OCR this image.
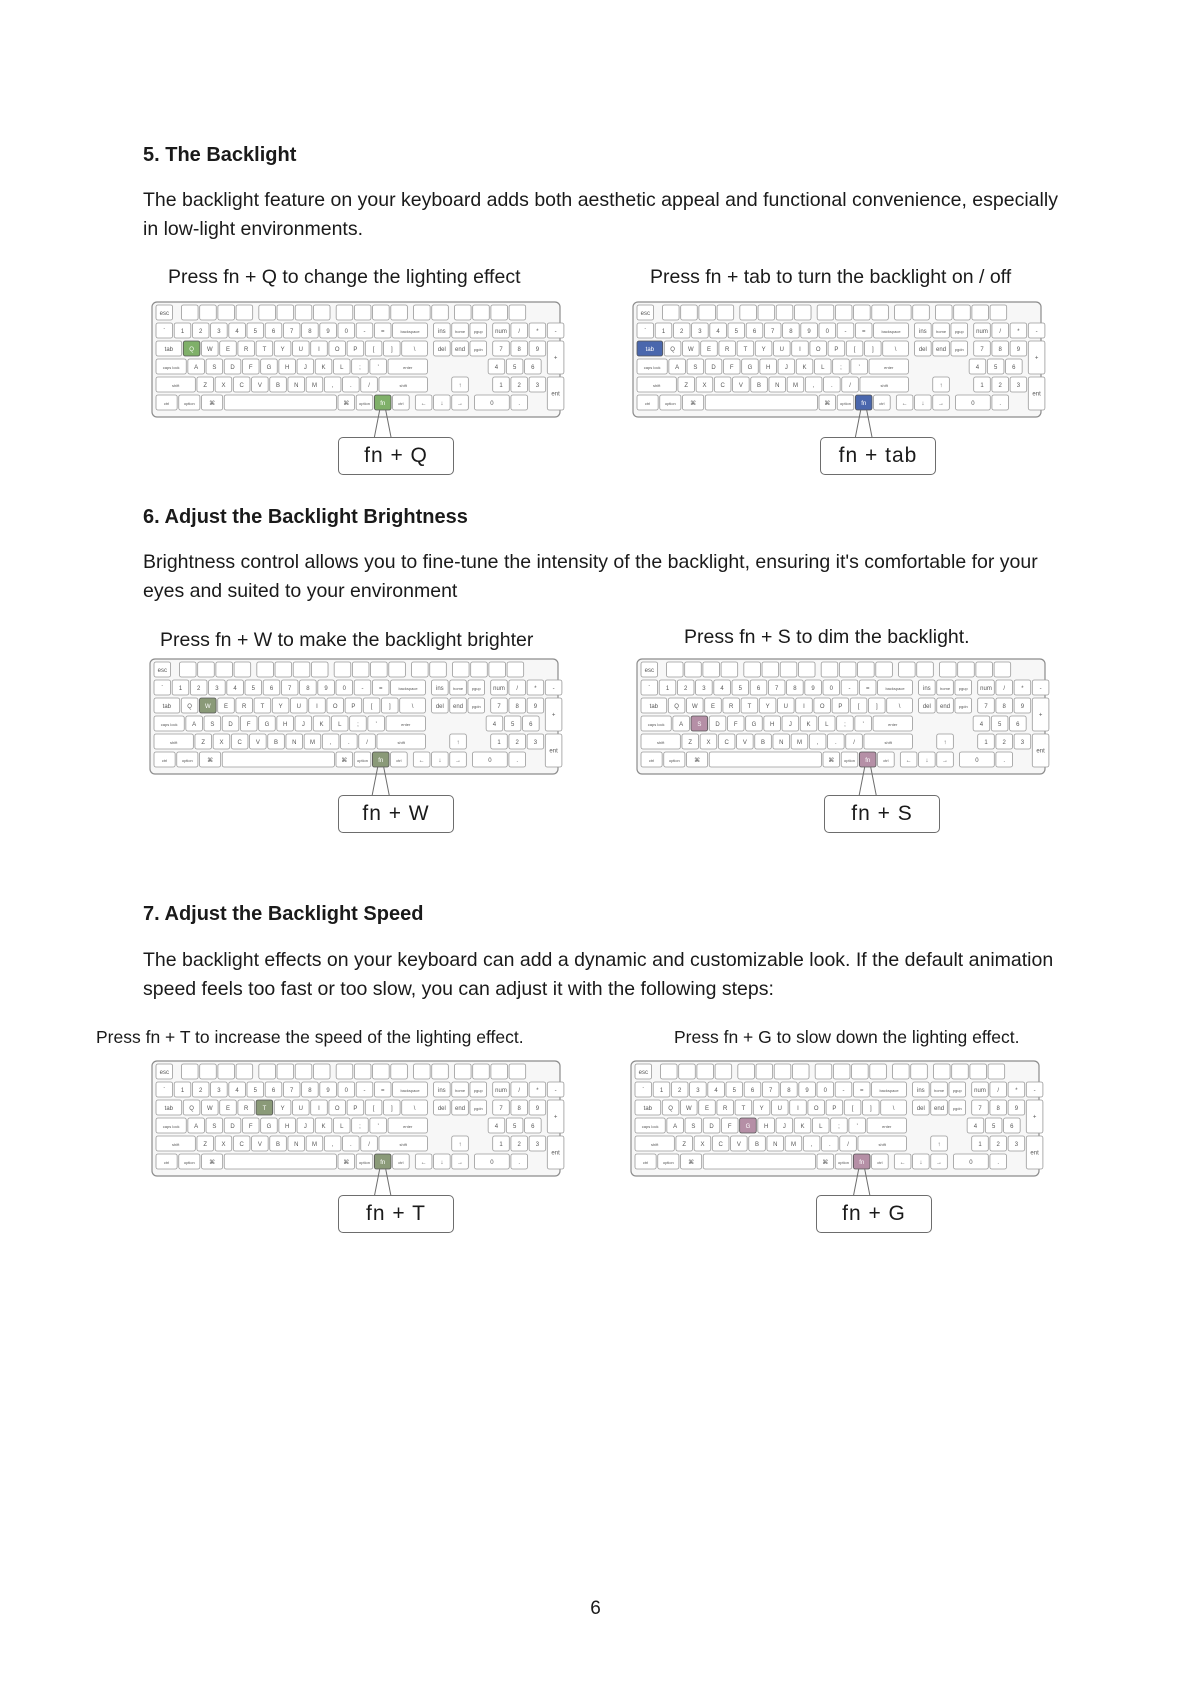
5. The Backlight

The backlight feature on your keyboard adds both aesthetic appeal and functional convenience, especially in low-light environments.

Press fn + Q to change the lighting effect	Press fn + tab to turn the backlight on / off
esc
`	1 2 3 4 5 6 7 8 9 0	-	=	backspace	ins home pgup num /	*	-
tab	Q W E R T Y U	I	O P	[	]	\	del end pgdn	7 8 9
+
caps lock A S D F G H J K L	;	'	enter	4 5 6
shift	Z X C V B N M ,	.	/	shift	↑	1 2 3
ent
ctrl	option ⌘	⌘ option fn	ctrl	← ↓ →	0	.
esc
`	1 2 3 4 5 6 7 8 9 0	-	=	backspace	ins home pgup num /	*	-
tab	Q W E R T Y U	I	O P	[	]	\	del end pgdn	7 8 9
+
caps lock A S D F G H J K L	;	'	enter	4 5 6
shift	Z X C V B N M ,	.	/	shift	↑	1 2 3
ent
ctrl	option ⌘	⌘ option fn	ctrl	← ↓ →	0	.
fn + Q	fn + tab
6. Adjust the Backlight Brightness

Brightness control allows you to fine-tune the intensity of the backlight, ensuring it's comfortable for your eyes and suited to your environment

Press fn + W to make the backlight brighter	Press fn + S to dim the backlight.
esc
`	1 2 3 4 5 6 7 8 9 0	-	=	backspace	ins home pgup num /	*	-
tab	Q W E R T Y U	I	O P	[	]	\	del end pgdn	7 8 9
+
caps lock A S D F G H J K L	;	'	enter	4 5 6
shift	Z X C V B N M ,	.	/	shift	↑	1 2 3
ent
ctrl	option ⌘	⌘ option fn	ctrl	← ↓ →	0	.
esc
`	1 2 3 4 5 6 7 8 9 0	-	=	backspace	ins home pgup num /	*	-
tab	Q W E R T Y U	I	O P	[	]	\	del end pgdn	7 8 9
+
caps lock A S D F G H J K L	;	'	enter	4 5 6
shift	Z X C V B N M ,	.	/	shift	↑	1 2 3
ent
ctrl	option ⌘	⌘ option fn	ctrl	← ↓ →	0	.
fn + W	fn + S
7. Adjust the Backlight Speed

The backlight effects on your keyboard can add a dynamic and customizable look. If the default animation speed feels too fast or too slow, you can adjust it with the following steps:

Press fn + T to increase the speed of the lighting effect.	Press fn + G to slow down the lighting effect.
esc
`	1 2 3 4 5 6 7 8 9 0	-	=	backspace	ins home pgup num /	*	-
tab	Q W E R T Y U	I	O P	[	]	\	del end pgdn	7 8 9
+
caps lock A S D F G H J K L	;	'	enter	4 5 6
shift	Z X C V B N M ,	.	/	shift	↑	1 2 3
ent
ctrl	option ⌘	⌘ option fn	ctrl	← ↓ →	0	.
esc
`	1 2 3 4 5 6 7 8 9 0	-	=	backspace	ins home pgup num /	*	-
tab	Q W E R T Y U	I	O P	[	]	\	del end pgdn	7 8 9
+
caps lock A S D F G H J K L	;	'	enter	4 5 6
shift	Z X C V B N M ,	.	/	shift	↑	1 2 3
ent
ctrl	option ⌘	⌘ option fn	ctrl	← ↓ →	0	.
fn + T	fn + G
6
